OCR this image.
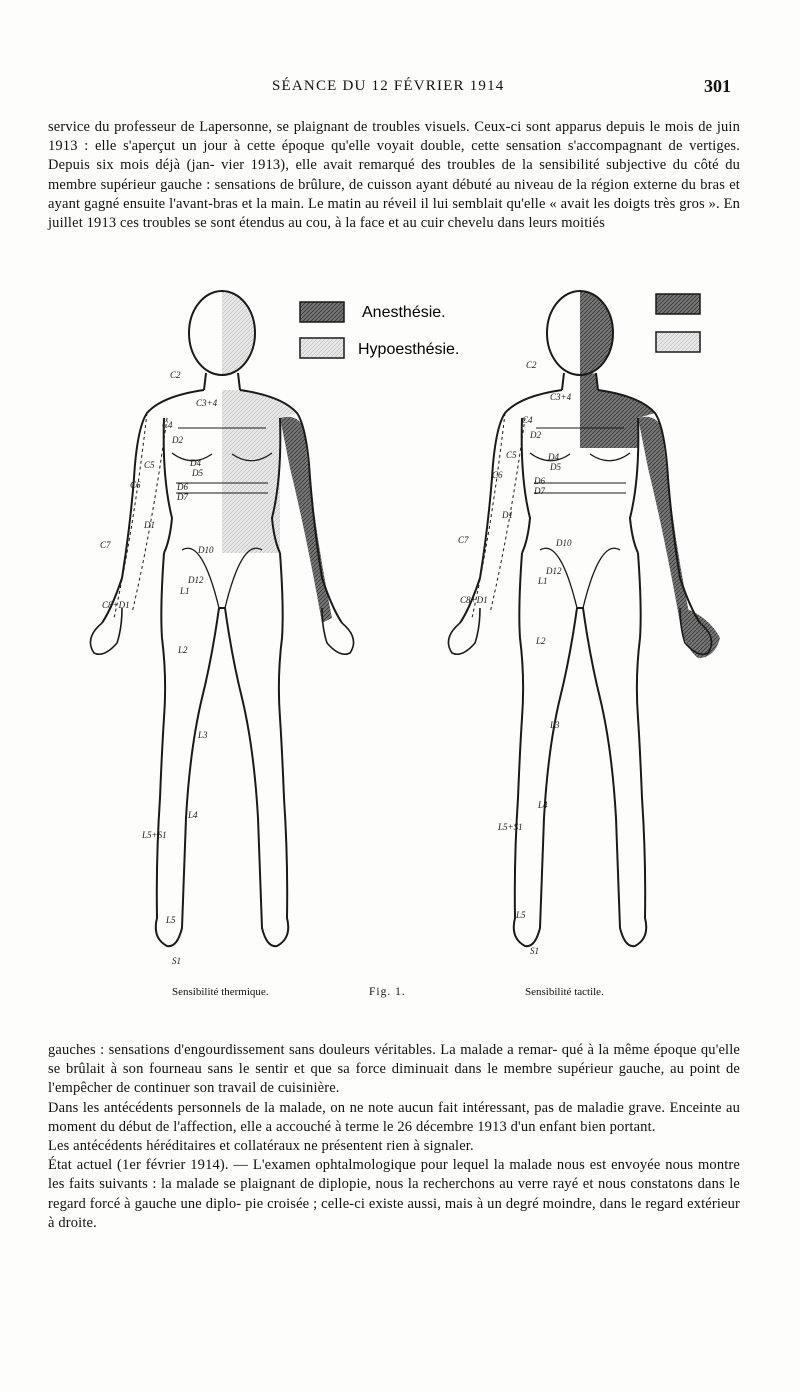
SÉANCE DU 12 FÉVRIER 1914	301
service du professeur de Lapersonne, se plaignant de troubles visuels. Ceux-ci sont apparus depuis le mois de juin 1913 : elle s'aperçut un jour à cette époque qu'elle voyait double, cette sensation s'accompagnant de vertiges. Depuis six mois déjà (jan- vier 1913), elle avait remarqué des troubles de la sensibilité subjective du côté du membre supérieur gauche : sensations de brûlure, de cuisson ayant débuté au niveau de la région externe du bras et ayant gagné ensuite l'avant-bras et la main. Le matin au réveil il lui semblait qu'elle « avait les doigts très gros ». En juillet 1913 ces troubles se sont étendus au cou, à la face et au cuir chevelu dans leurs moitiés
Anesthésie.
Hypoesthésie.
C2
C3+4
C4
C5
C6
C7
C8+D1
D1
D2
D4
D5
D6
D7
D10
D12
L1
L2
L3
L4
L5
L5+S1
S1
C2
C3+4
C4
C5
C6
C7
C8+D1
D1
D2
D4
D5
D6
D7
D10
D12
L1
L2
L3
L4
L5
L5+S1
S1
Fig. 1.
Sensibilité thermique.	Sensibilité tactile.

gauches : sensations d'engourdissement sans douleurs véritables. La malade a remar- qué à la même époque qu'elle se brûlait à son fourneau sans le sentir et que sa force diminuait dans le membre supérieur gauche, au point de l'empêcher de continuer son travail de cuisinière.

Dans les antécédents personnels de la malade, on ne note aucun fait intéressant, pas de maladie grave. Enceinte au moment du début de l'affection, elle a accouché à terme le 26 décembre 1913 d'un enfant bien portant.

Les antécédents héréditaires et collatéraux ne présentent rien à signaler.

État actuel (1er février 1914). — L'examen ophtalmologique pour lequel la malade nous est envoyée nous montre les faits suivants : la malade se plaignant de diplopie, nous la recherchons au verre rayé et nous constatons dans le regard forcé à gauche une diplo- pie croisée ; celle-ci existe aussi, mais à un degré moindre, dans le regard extérieur à droite.
